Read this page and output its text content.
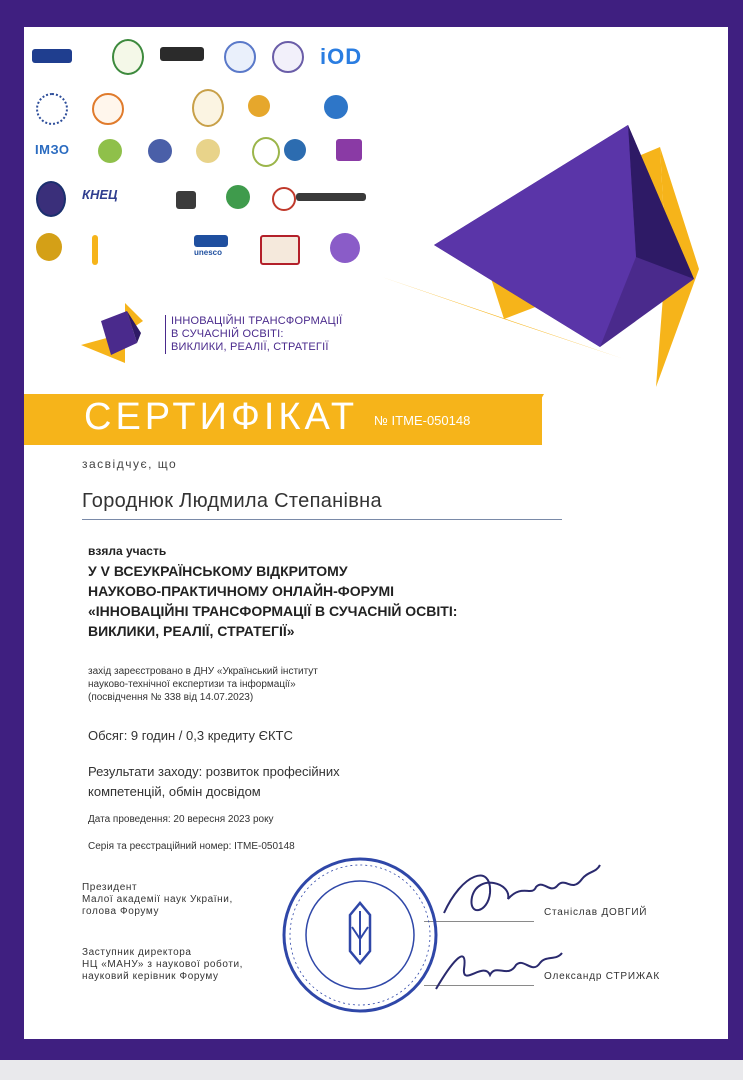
iOD
ІМЗО
КНЕЦ
unesco
ІННОВАЦІЙНІ ТРАНСФОРМАЦІЇ
В СУЧАСНІЙ ОСВІТІ:
ВИКЛИКИ, РЕАЛІЇ, СТРАТЕГІЇ
СЕРТИФІКАТ № ITME-050148
засвідчує, що
Городнюк Людмила Степанівна
взяла участь
У V ВСЕУКРАЇНСЬКОМУ ВІДКРИТОМУ
НАУКОВО-ПРАКТИЧНОМУ ОНЛАЙН-ФОРУМІ
«ІННОВАЦІЙНІ ТРАНСФОРМАЦІЇ В СУЧАСНІЙ ОСВІТІ:
ВИКЛИКИ, РЕАЛІЇ, СТРАТЕГІЇ»
захід зареєстровано в ДНУ «Український інститут
науково-технічної експертизи та інформації»
(посвідчення № 338 від 14.07.2023)
Обсяг: 9 годин / 0,3 кредиту ЄКТС
Результати заходу: розвиток професійних
компетенцій, обмін досвідом
Дата проведення: 20 вересня 2023 року
Серія та реєстраційний номер: ITME-050148
Президент
Малої академії наук України,
голова Форуму	Станіслав ДОВГИЙ
Заступник директора
НЦ «МАНУ» з наукової роботи,
науковий керівник Форуму	Олександр СТРИЖАК
